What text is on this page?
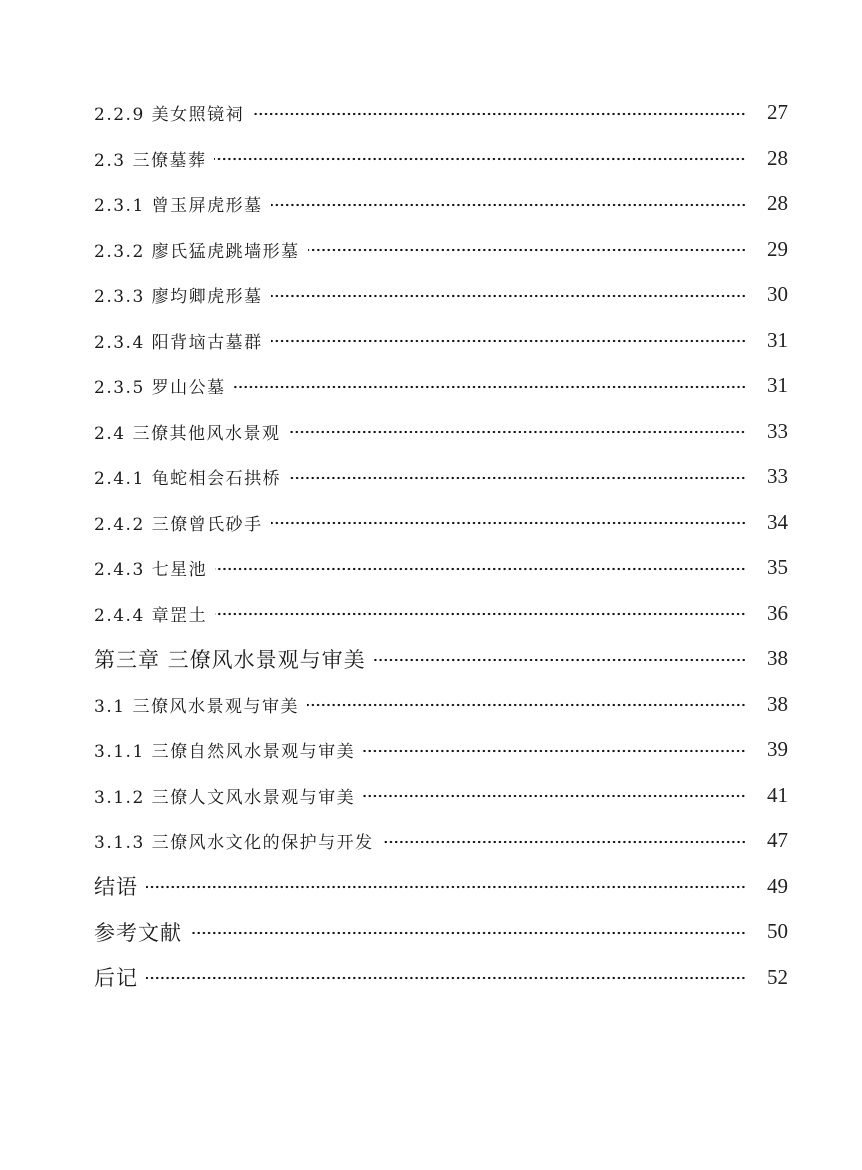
2.2.9 美女照镜祠	27
2.3 三僚墓葬	28
2.3.1 曾玉屏虎形墓	28
2.3.2 廖氏猛虎跳墙形墓	29
2.3.3 廖均卿虎形墓	30
2.3.4 阳背垴古墓群	31
2.3.5 罗山公墓	31
2.4 三僚其他风水景观	33
2.4.1 龟蛇相会石拱桥	33
2.4.2 三僚曾氏砂手	34
2.4.3 七星池	35
2.4.4 章罡土	36
第三章 三僚风水景观与审美	38
3.1 三僚风水景观与审美	38
3.1.1 三僚自然风水景观与审美	39
3.1.2 三僚人文风水景观与审美	41
3.1.3 三僚风水文化的保护与开发	47
结语	49
参考文献	50
后记	52
